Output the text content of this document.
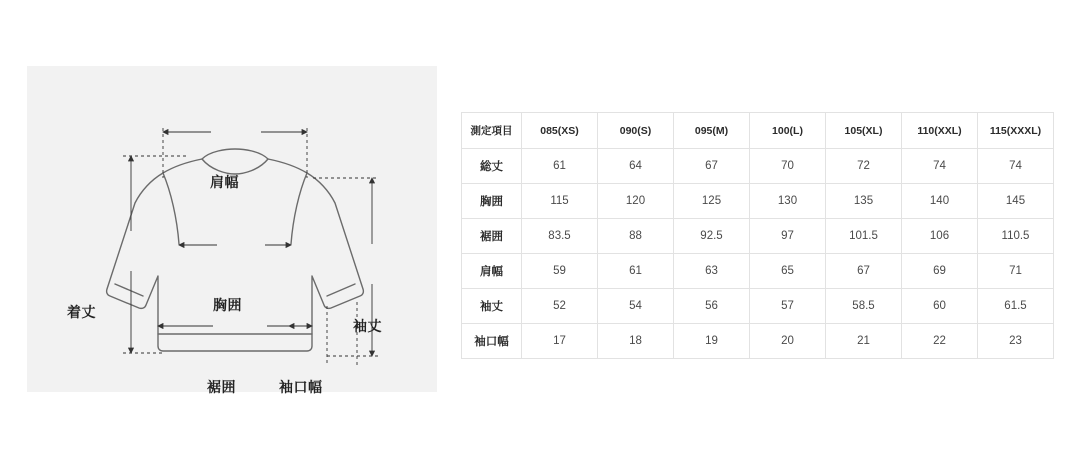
肩幅
胸囲
着丈
袖丈
裾囲	袖口幅
測定項目	085(XS)	090(S)	095(M)	100(L)	105(XL)	110(XXL)	115(XXXL)
総丈	61	64	67	70	72	74	74
胸囲	115	120	125	130	135	140	145
裾囲	83.5	88	92.5	97	101.5	106	110.5
肩幅	59	61	63	65	67	69	71
袖丈	52	54	56	57	58.5	60	61.5
袖口幅	17	18	19	20	21	22	23
